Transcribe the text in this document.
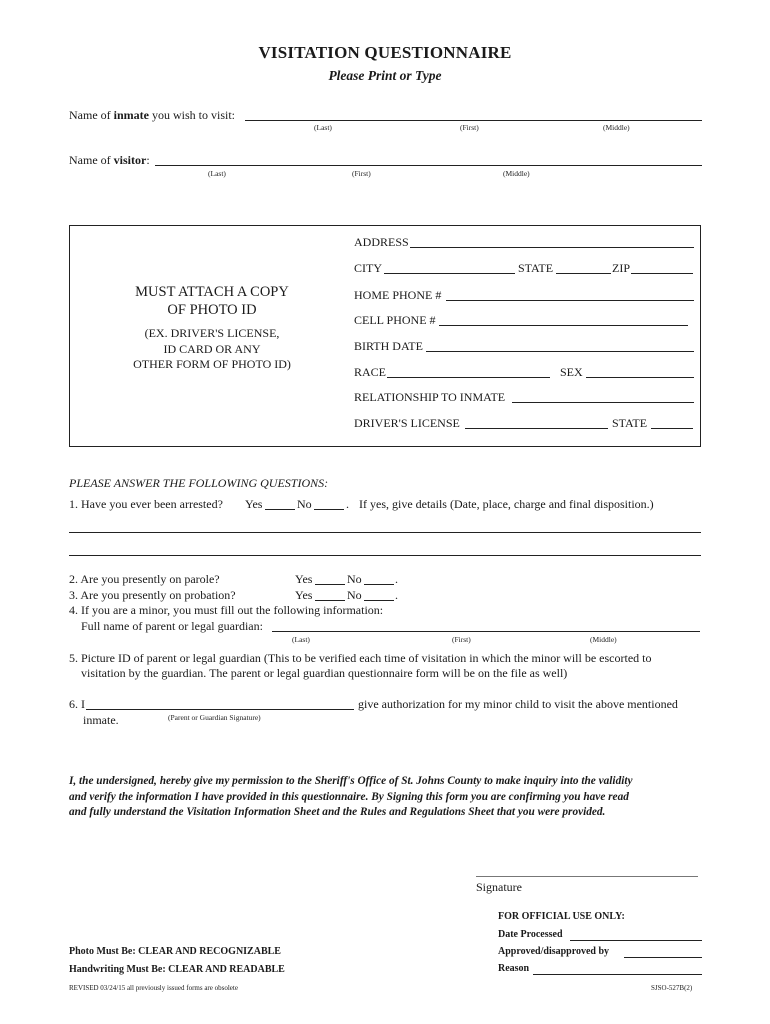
VISITATION QUESTIONNAIRE
Please Print or Type
Name of inmate you wish to visit:
(Last)	(First)	(Middle)
Name of visitor:
(Last)	(First)	(Middle)
MUST ATTACH A COPY
OF PHOTO ID
(EX. DRIVER'S LICENSE,
ID CARD OR ANY
OTHER FORM OF PHOTO ID)
ADDRESS
CITY	STATE	ZIP
HOME PHONE #
CELL PHONE #
BIRTH DATE
RACE	SEX
RELATIONSHIP TO INMATE
DRIVER'S LICENSE	STATE
PLEASE ANSWER THE FOLLOWING QUESTIONS:
1. Have you ever been arrested? Yes	No	. If yes, give details (Date, place, charge and final disposition.)
2. Are you presently on parole?	Yes	No	.
3. Are you presently on probation?	Yes	No	.
4. If you are a minor, you must fill out the following information:
Full name of parent or legal guardian:
(Last)	(First)	(Middle)
5. Picture ID of parent or legal guardian (This to be verified each time of visitation in which the minor will be escorted to
visitation by the guardian. The parent or legal guardian questionnaire form will be on the file as well)
6. I	give authorization for my minor child to visit the above mentioned
inmate.	(Parent or Guardian Signature)
I, the undersigned, hereby give my permission to the Sheriff's Office of St. Johns County to make inquiry into the validity
and verify the information I have provided in this questionnaire. By Signing this form you are confirming you have read
and fully understand the Visitation Information Sheet and the Rules and Regulations Sheet that you were provided.
Signature
FOR OFFICIAL USE ONLY:
Date Processed
Approved/disapproved by
Reason
Photo Must Be: CLEAR AND RECOGNIZABLE
Handwriting Must Be: CLEAR AND READABLE
REVISED 03/24/15 all previously issued forms are obsolete	SJSO-527B(2)
